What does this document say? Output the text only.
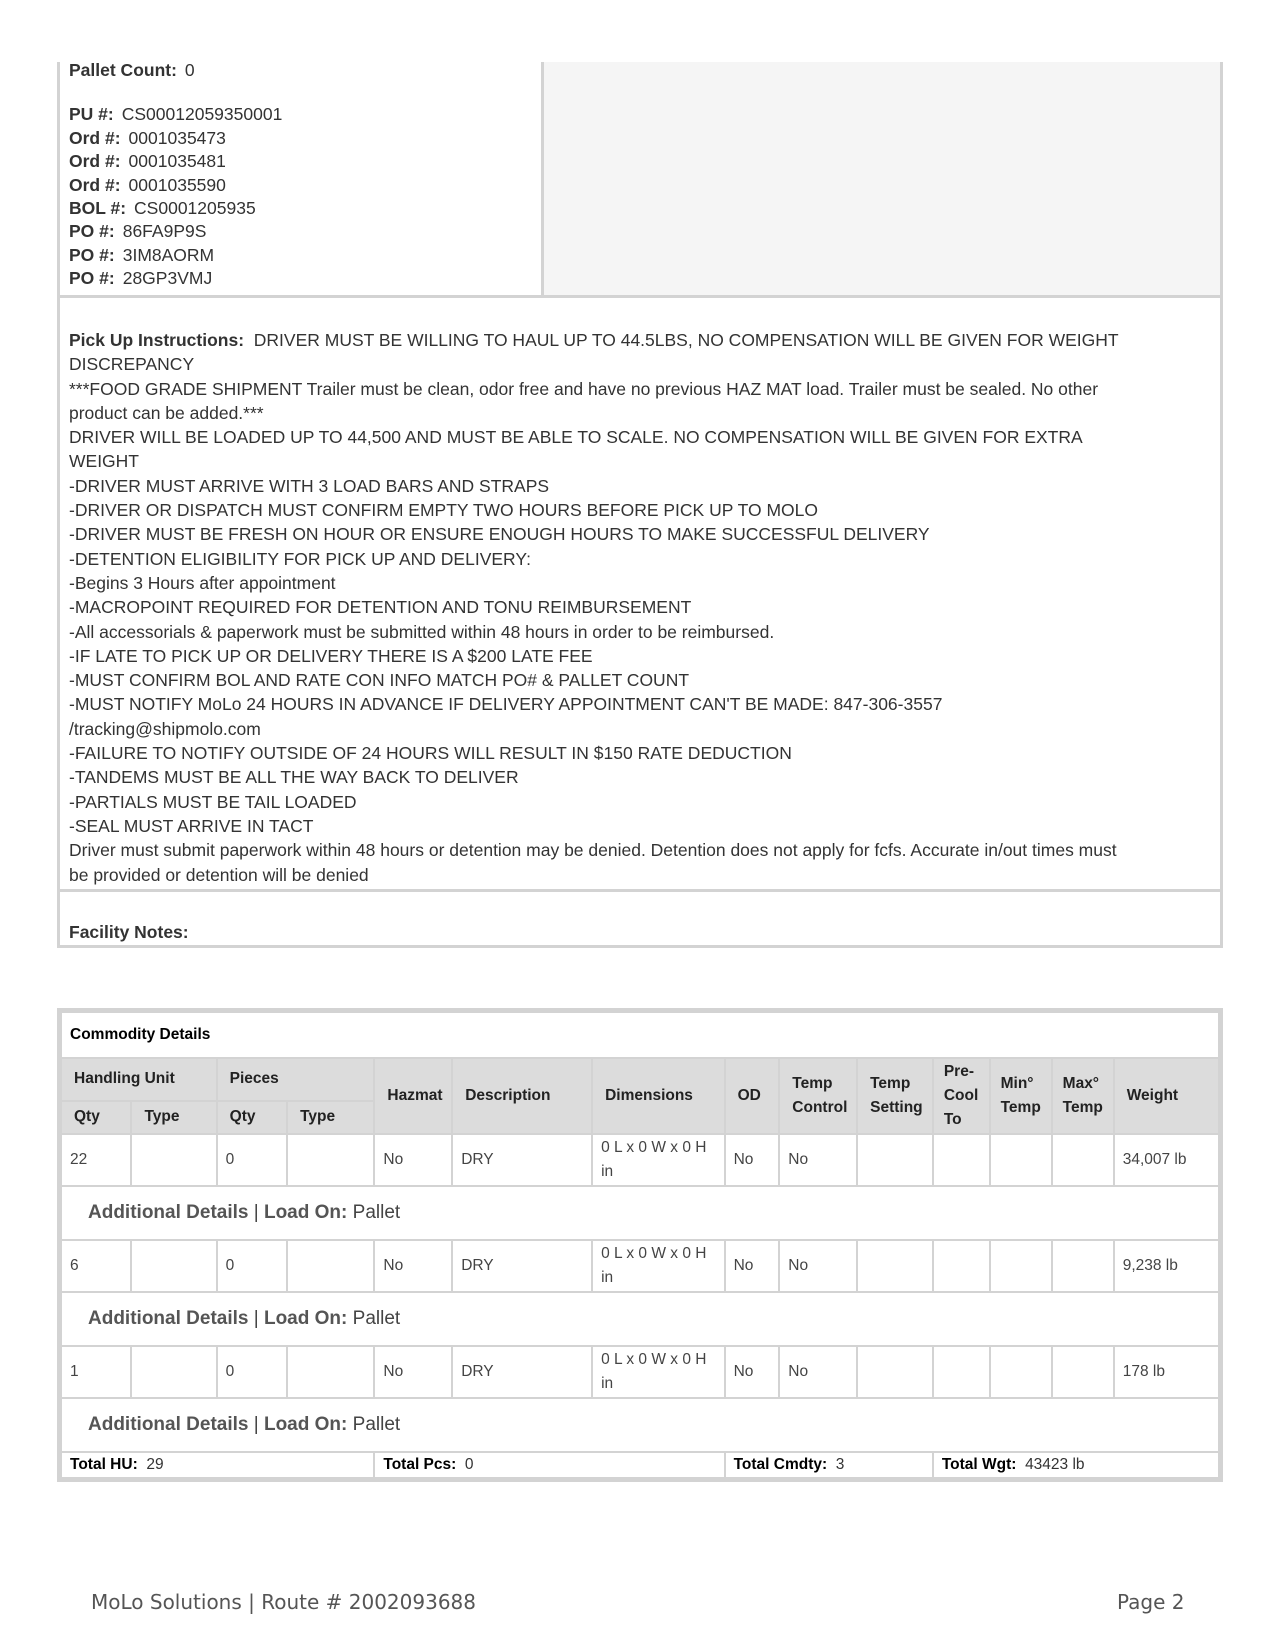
Pallet Count: 0
PU #: CS00012059350001
Ord #: 0001035473
Ord #: 0001035481
Ord #: 0001035590
BOL #: CS0001205935
PO #: 86FA9P9S
PO #: 3IM8AORM
PO #: 28GP3VMJ
Pick Up Instructions: DRIVER MUST BE WILLING TO HAUL UP TO 44.5LBS, NO COMPENSATION WILL BE GIVEN FOR WEIGHT
DISCREPANCY
***FOOD GRADE SHIPMENT Trailer must be clean, odor free and have no previous HAZ MAT load. Trailer must be sealed. No other
product can be added.***
DRIVER WILL BE LOADED UP TO 44,500 AND MUST BE ABLE TO SCALE. NO COMPENSATION WILL BE GIVEN FOR EXTRA
WEIGHT
-DRIVER MUST ARRIVE WITH 3 LOAD BARS AND STRAPS
-DRIVER OR DISPATCH MUST CONFIRM EMPTY TWO HOURS BEFORE PICK UP TO MOLO
-DRIVER MUST BE FRESH ON HOUR OR ENSURE ENOUGH HOURS TO MAKE SUCCESSFUL DELIVERY
-DETENTION ELIGIBILITY FOR PICK UP AND DELIVERY:
-Begins 3 Hours after appointment
-MACROPOINT REQUIRED FOR DETENTION AND TONU REIMBURSEMENT
-All accessorials & paperwork must be submitted within 48 hours in order to be reimbursed.
-IF LATE TO PICK UP OR DELIVERY THERE IS A $200 LATE FEE
-MUST CONFIRM BOL AND RATE CON INFO MATCH PO# & PALLET COUNT
-MUST NOTIFY MoLo 24 HOURS IN ADVANCE IF DELIVERY APPOINTMENT CAN'T BE MADE: 847-306-3557
/tracking@shipmolo.com
-FAILURE TO NOTIFY OUTSIDE OF 24 HOURS WILL RESULT IN $150 RATE DEDUCTION
-TANDEMS MUST BE ALL THE WAY BACK TO DELIVER
-PARTIALS MUST BE TAIL LOADED
-SEAL MUST ARRIVE IN TACT
Driver must submit paperwork within 48 hours or detention may be denied. Detention does not apply for fcfs. Accurate in/out times must
be provided or detention will be denied
Facility Notes:
Commodity Details													
Handling Unit		Pieces		Hazmat	Description	Dimensions	OD	Temp Control	Temp Setting	Pre-Cool To	Min° Temp	Max° Temp	Weight
Qty	Type	Qty	Type										
22		0		No	DRY	0 L x 0 W x 0 H
in	No	No					34,007 lb
Additional Details | Load On: Pallet													
6		0		No	DRY	0 L x 0 W x 0 H
in	No	No					9,238 lb
Additional Details | Load On: Pallet													
1		0		No	DRY	0 L x 0 W x 0 H
in	No	No					178 lb
Additional Details | Load On: Pallet													
Total HU: 29				Total Pcs: 0			Total Cmdty: 3			Total Wgt: 43423 lb			
MoLo Solutions | Route # 2002093688	Page 2
